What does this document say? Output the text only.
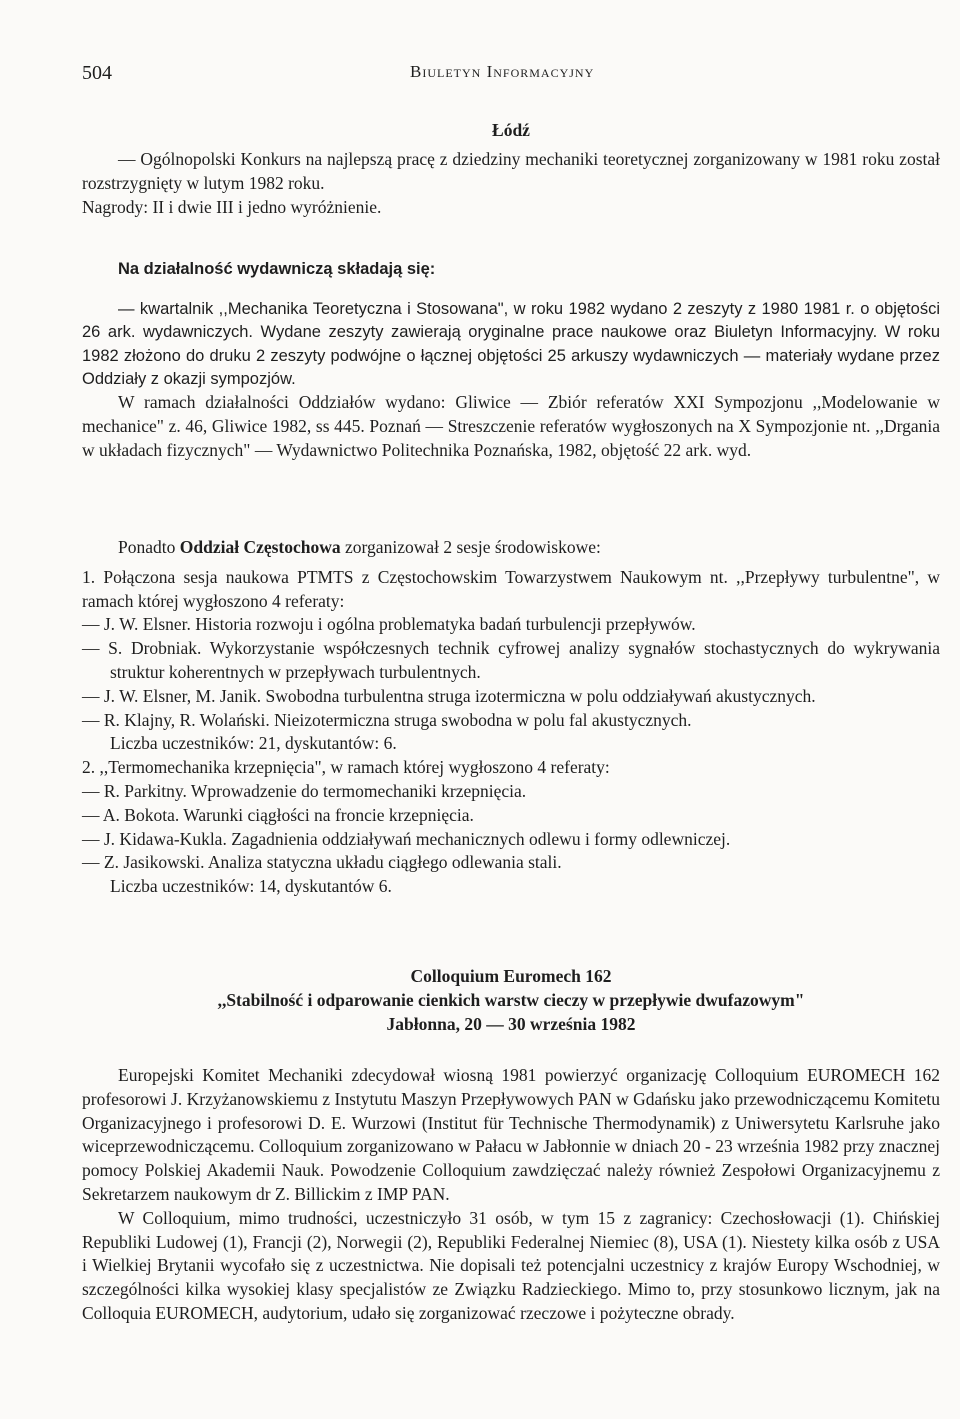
504	Biuletyn Informacyjny

Łódź

— Ogólnopolski Konkurs na najlepszą pracę z dziedziny mechaniki teoretycznej zorganizowany w 1981 roku został rozstrzygnięty w lutym 1982 roku.

Nagrody: II i dwie III i jedno wyróżnienie.

Na działalność wydawniczą składają się:

— kwartalnik ,,Mechanika Teoretyczna i Stosowana", w roku 1982 wydano 2 zeszyty z 1980 1981 r. o objętości 26 ark. wydawniczych. Wydane zeszyty zawierają oryginalne prace naukowe oraz Biuletyn Informacyjny. W roku 1982 złożono do druku 2 zeszyty podwójne o łącznej objętości 25 arkuszy wydawniczych — materiały wydane przez Oddziały z okazji sympozjów.

W ramach działalności Oddziałów wydano: Gliwice — Zbiór referatów XXI Sympozjonu ,,Modelowanie w mechanice" z. 46, Gliwice 1982, ss 445. Poznań — Streszczenie referatów wygłoszonych na X Sympozjonie nt. ,,Drgania w układach fizycznych" — Wydawnictwo Politechnika Poznańska, 1982, objętość 22 ark. wyd.

Ponadto Oddział Częstochowa zorganizował 2 sesje środowiskowe:

1. Połączona sesja naukowa PTMTS z Częstochowskim Towarzystwem Naukowym nt. ,,Przepływy turbulentne", w ramach której wygłoszono 4 referaty:

— J. W. Elsner. Historia rozwoju i ogólna problematyka badań turbulencji przepływów.

— S. Drobniak. Wykorzystanie współczesnych technik cyfrowej analizy sygnałów stochastycznych do wykrywania struktur koherentnych w przepływach turbulentnych.

— J. W. Elsner, M. Janik. Swobodna turbulentna struga izotermiczna w polu oddziaływań akustycznych.

— R. Klajny, R. Wolański. Nieizotermiczna struga swobodna w polu fal akustycznych.

Liczba uczestników: 21, dyskutantów: 6.

2. ,,Termomechanika krzepnięcia", w ramach której wygłoszono 4 referaty:

— R. Parkitny. Wprowadzenie do termomechaniki krzepnięcia.

— A. Bokota. Warunki ciągłości na froncie krzepnięcia.

— J. Kidawa-Kukla. Zagadnienia oddziaływań mechanicznych odlewu i formy odlewniczej.

— Z. Jasikowski. Analiza statyczna układu ciągłego odlewania stali.

Liczba uczestników: 14, dyskutantów 6.

Colloquium Euromech 162

,,Stabilność i odparowanie cienkich warstw cieczy w przepływie dwufazowym"

Jabłonna, 20 — 30 września 1982

Europejski Komitet Mechaniki zdecydował wiosną 1981 powierzyć organizację Colloquium EUROMECH 162 profesorowi J. Krzyżanowskiemu z Instytutu Maszyn Przepływowych PAN w Gdańsku jako przewodniczącemu Komitetu Organizacyjnego i profesorowi D. E. Wurzowi (Institut für Technische Thermodynamik) z Uniwersytetu Karlsruhe jako wiceprzewodniczącemu. Colloquium zorganizowano w Pałacu w Jabłonnie w dniach 20 - 23 września 1982 przy znacznej pomocy Polskiej Akademii Nauk. Powodzenie Colloquium zawdzięczać należy również Zespołowi Organizacyjnemu z Sekretarzem naukowym dr Z. Billickim z IMP PAN.

W Colloquium, mimo trudności, uczestniczyło 31 osób, w tym 15 z zagranicy: Czechosłowacji (1). Chińskiej Republiki Ludowej (1), Francji (2), Norwegii (2), Republiki Federalnej Niemiec (8), USA (1). Niestety kilka osób z USA i Wielkiej Brytanii wycofało się z uczestnictwa. Nie dopisali też potencjalni uczestnicy z krajów Europy Wschodniej, w szczególności kilka wysokiej klasy specjalistów ze Związku Radzieckiego. Mimo to, przy stosunkowo licznym, jak na Colloquia EUROMECH, audytorium, udało się zorganizować rzeczowe i pożyteczne obrady.
